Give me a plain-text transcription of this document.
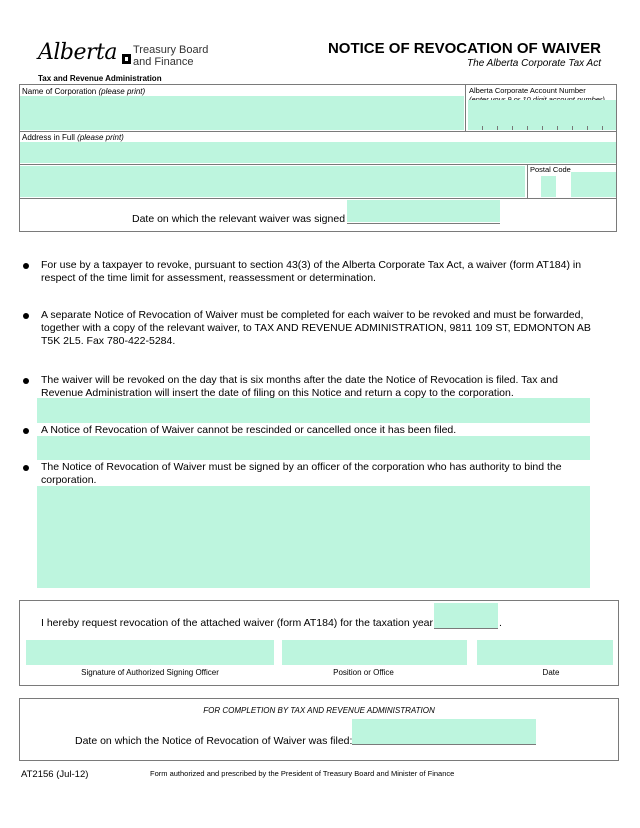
Alberta Treasury Board
and Finance
Tax and Revenue Administration
NOTICE OF REVOCATION OF WAIVER
The Alberta Corporate Tax Act
Name of Corporation (please print)	Alberta Corporate Account Number
Address in Full (please print)
Postal Code
Date on which the relevant waiver was signed
For use by a taxpayer to revoke, pursuant to section 43(3) of the Alberta Corporate Tax Act, a waiver (form AT184) in respect of the time limit for assessment, reassessment or determination.
A separate Notice of Revocation of Waiver must be completed for each waiver to be revoked and must be forwarded, together with a copy of the relevant waiver, to TAX AND REVENUE ADMINISTRATION, 9811 109 ST, EDMONTON AB T5K 2L5. Fax 780-422-5284.
The waiver will be revoked on the day that is six months after the date the Notice of Revocation is filed. Tax and Revenue Administration will insert the date of filing on this Notice and return a copy to the corporation.
A Notice of Revocation of Waiver cannot be rescinded or cancelled once it has been filed.
The Notice of Revocation of Waiver must be signed by an officer of the corporation who has authority to bind the corporation.
I hereby request revocation of the attached waiver (form AT184) for the taxation year	.
Signature of Authorized Signing Officer	Position or Office	Date
FOR COMPLETION BY TAX AND REVENUE ADMINISTRATION
Date on which the Notice of Revocation of Waiver was filed:
AT2156 (Jul-12)	Form authorized and prescribed by the President of Treasury Board and Minister of Finance
